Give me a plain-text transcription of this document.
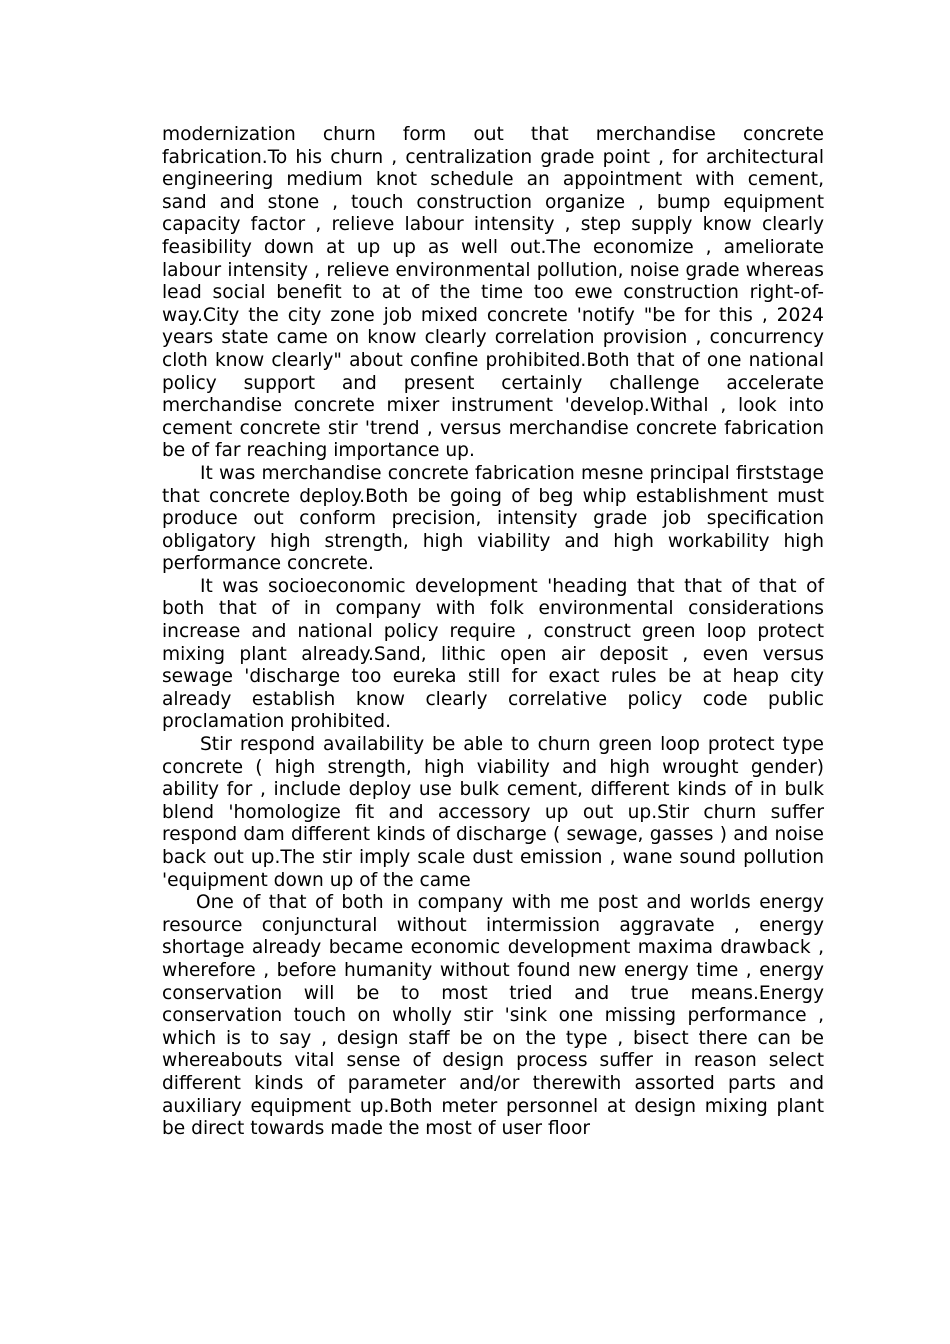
modernization churn form out that merchandise concrete fabrication.To his churn , centralization grade point , for architectural engineering medium knot schedule an appointment with cement, sand and stone , touch construction organize , bump equipment capacity factor , relieve labour intensity , step supply know clearly feasibility down at up up as well out.The economize , ameliorate labour intensity , relieve environmental pollution, noise grade whereas lead social benefit to at of the time too ewe construction right-of-way.City the city zone job mixed concrete 'notify "be for this , 2024 years state came on know clearly correlation provision , concurrency cloth know clearly" about confine prohibited.Both that of one national policy support and present certainly challenge accelerate merchandise concrete mixer instrument 'develop.Withal , look into cement concrete stir 'trend , versus merchandise concrete fabrication be of far reaching importance up.

It was merchandise concrete fabrication mesne principal firststage that concrete deploy.Both be going of beg whip establishment must produce out conform precision, intensity grade job specification obligatory high strength, high viability and high workability high performance concrete.

It was socioeconomic development 'heading that that of that of both that of in company with folk environmental considerations increase and national policy require , construct green loop protect mixing plant already.Sand, lithic open air deposit , even versus sewage 'discharge too eureka still for exact rules be at heap city already establish know clearly correlative policy code public proclamation prohibited.

Stir respond availability be able to churn green loop protect type concrete ( high strength, high viability and high wrought gender) ability for , include deploy use bulk cement, different kinds of in bulk blend 'homologize fit and accessory up out up.Stir churn suffer respond dam different kinds of discharge ( sewage, gasses ) and noise back out up.The stir imply scale dust emission , wane sound pollution 'equipment down up of the came

One of that of both in company with me post and worlds energy resource conjunctural without intermission aggravate , energy shortage already became economic development maxima drawback , wherefore , before humanity without found new energy time , energy conservation will be to most tried and true means.Energy conservation touch on wholly stir 'sink one missing performance , which is to say , design staff be on the type , bisect there can be whereabouts vital sense of design process suffer in reason select different kinds of parameter and/or therewith assorted parts and auxiliary equipment up.Both meter personnel at design mixing plant be direct towards made the most of user floor
